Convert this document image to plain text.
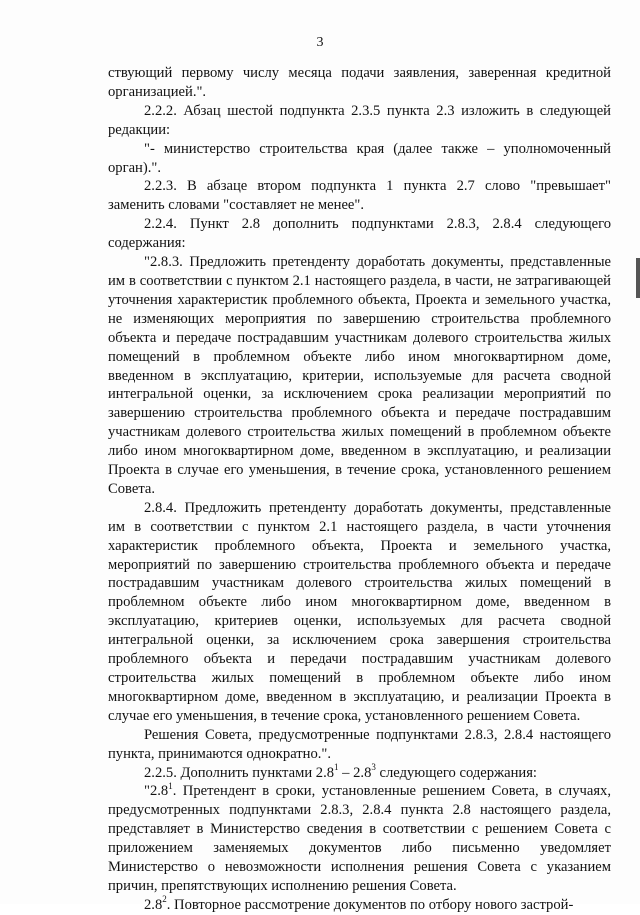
3

ствующий первому числу месяца подачи заявления, заверенная кредитной организацией.".

2.2.2. Абзац шестой подпункта 2.3.5 пункта 2.3 изложить в следующей редакции:

"- министерство строительства края (далее также – уполномоченный орган).".

2.2.3. В абзаце втором подпункта 1 пункта 2.7 слово "превышает" заменить словами "составляет не менее".

2.2.4. Пункт 2.8 дополнить подпунктами 2.8.3, 2.8.4 следующего содержания:

"2.8.3. Предложить претенденту доработать документы, представленные им в соответствии с пунктом 2.1 настоящего раздела, в части, не затрагивающей уточнения характеристик проблемного объекта, Проекта и земельного участка, не изменяющих мероприятия по завершению строительства проблемного объекта и передаче пострадавшим участникам долевого строительства жилых помещений в проблемном объекте либо ином многоквартирном доме, введенном в эксплуатацию, критерии, используемые для расчета сводной интегральной оценки, за исключением срока реализации мероприятий по завершению строительства проблемного объекта и передаче пострадавшим участникам долевого строительства жилых помещений в проблемном объекте либо ином многоквартирном доме, введенном в эксплуатацию, и реализации Проекта в случае его уменьшения, в течение срока, установленного решением Совета.

2.8.4. Предложить претенденту доработать документы, представленные им в соответствии с пунктом 2.1 настоящего раздела, в части уточнения характеристик проблемного объекта, Проекта и земельного участка, мероприятий по завершению строительства проблемного объекта и передаче пострадавшим участникам долевого строительства жилых помещений в проблемном объекте либо ином многоквартирном доме, введенном в эксплуатацию, критериев оценки, используемых для расчета сводной интегральной оценки, за исключением срока завершения строительства проблемного объекта и передачи пострадавшим участникам долевого строительства жилых помещений в проблемном объекте либо ином многоквартирном доме, введенном в эксплуатацию, и реализации Проекта в случае его уменьшения, в течение срока, установленного решением Совета.

Решения Совета, предусмотренные подпунктами 2.8.3, 2.8.4 настоящего пункта, принимаются однократно.".

2.2.5. Дополнить пунктами $2.8^1 - 2.8^3$ следующего содержания:

"$2.8^1$. Претендент в сроки, установленные решением Совета, в случаях, предусмотренных подпунктами 2.8.3, 2.8.4 пункта 2.8 настоящего раздела, представляет в Министерство сведения в соответствии с решением Совета с приложением заменяемых документов либо письменно уведомляет Министерство о невозможности исполнения решения Совета с указанием причин, препятствующих исполнению решения Совета.

$2.8^2$. Повторное рассмотрение документов по отбору нового застрой-
